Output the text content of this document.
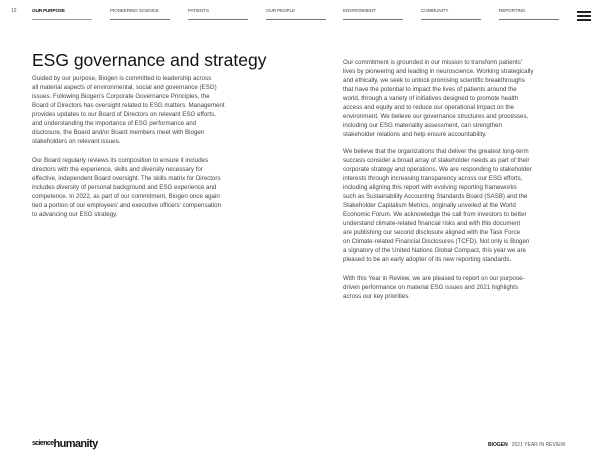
12	OUR PURPOSE	PIONEERING SCIENCE	PATIENTS	OUR PEOPLE	ENVIRONMENT	COMMUNITY	REPORTING
ESG governance and strategy
Guided by our purpose, Biogen is committed to leadership across
all material aspects of environmental, social and governance (ESG)
issues. Following Biogen's Corporate Governance Principles, the
Board of Directors has oversight related to ESG matters. Management
provides updates to our Board of Directors on relevant ESG efforts,
and understanding the importance of ESG performance and
disclosure, the Board and/or Board members meet with Biogen
stakeholders on relevant issues.
Our Board regularly reviews its composition to ensure it includes
directors with the experience, skills and diversity necessary for
effective, independent Board oversight. The skills matrix for Directors
includes diversity of personal background and ESG experience and
competence. In 2022, as part of our commitment, Biogen once again
tied a portion of our employees' and executive officers' compensation
to advancing our ESG strategy.
Our commitment is grounded in our mission to transform patients'
lives by pioneering and leading in neuroscience. Working strategically
and ethically, we seek to unlock promising scientific breakthroughs
that have the potential to impact the lives of patients around the
world, through a variety of initiatives designed to promote health
access and equity and to reduce our operational impact on the
environment. We believe our governance structures and processes,
including our ESG materiality assessment, can strengthen
stakeholder relations and help ensure accountability.
We believe that the organizations that deliver the greatest long-term
success consider a broad array of stakeholder needs as part of their
corporate strategy and operations. We are responding to stakeholder
interests through increasing transparency across our ESG efforts,
including aligning this report with evolving reporting frameworks
such as Sustainability Accounting Standards Board (SASB) and the
Stakeholder Capitalism Metrics, originally unveiled at the World
Economic Forum. We acknowledge the call from investors to better
understand climate-related financial risks and with this document
are publishing our second disclosure aligned with the Task Force
on Climate-related Financial Disclosures (TCFD). Not only is Biogen
a signatory of the United Nations Global Compact, this year we are
pleased to be an early adopter of its new reporting standards.
With this Year in Review, we are pleased to report on our purpose-
driven performance on material ESG issues and 2021 highlights
across our key priorities.
sciencehumanity	BIOGEN 2021 YEAR IN REVIEW
